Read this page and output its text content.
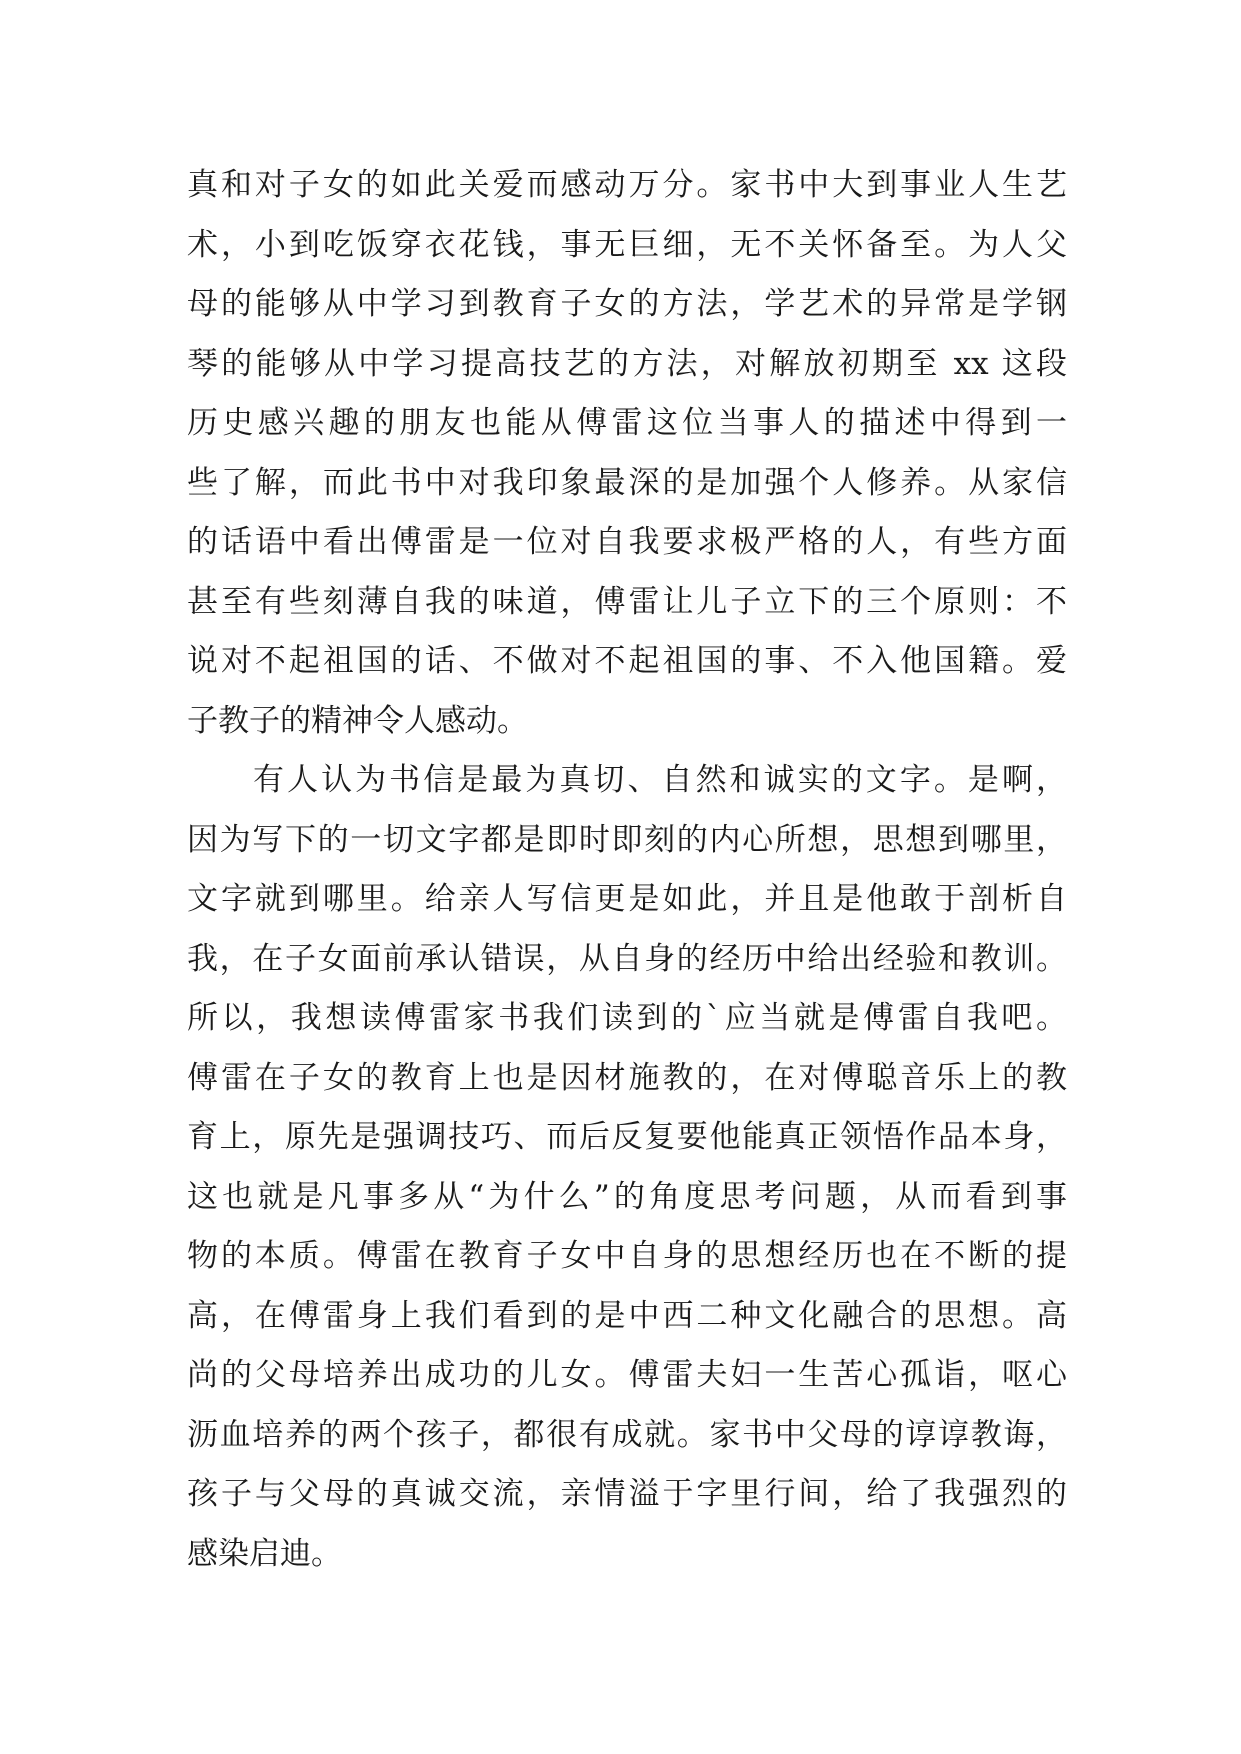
真和对子女的如此关爱而感动万分。家书中大到事业人生艺
术，小到吃饭穿衣花钱，事无巨细，无不关怀备至。为人父
母的能够从中学习到教育子女的方法，学艺术的异常是学钢
琴的能够从中学习提高技艺的方法，对解放初期至 xx 这段
历史感兴趣的朋友也能从傅雷这位当事人的描述中得到一
些了解，而此书中对我印象最深的是加强个人修养。从家信
的话语中看出傅雷是一位对自我要求极严格的人，有些方面
甚至有些刻薄自我的味道，傅雷让儿子立下的三个原则：不
说对不起祖国的话、不做对不起祖国的事、不入他国籍。爱
子教子的精神令人感动。
有人认为书信是最为真切、自然和诚实的文字。是啊，
因为写下的一切文字都是即时即刻的内心所想，思想到哪里，
文字就到哪里。给亲人写信更是如此，并且是他敢于剖析自
我，在子女面前承认错误，从自身的经历中给出经验和教训。
所以，我想读傅雷家书我们读到的`应当就是傅雷自我吧。
傅雷在子女的教育上也是因材施教的，在对傅聪音乐上的教
育上，原先是强调技巧、而后反复要他能真正领悟作品本身，
这也就是凡事多从“为什么”的角度思考问题，从而看到事
物的本质。傅雷在教育子女中自身的思想经历也在不断的提
高，在傅雷身上我们看到的是中西二种文化融合的思想。高
尚的父母培养出成功的儿女。傅雷夫妇一生苦心孤诣，呕心
沥血培养的两个孩子，都很有成就。家书中父母的谆谆教诲，
孩子与父母的真诚交流，亲情溢于字里行间，给了我强烈的
感染启迪。
